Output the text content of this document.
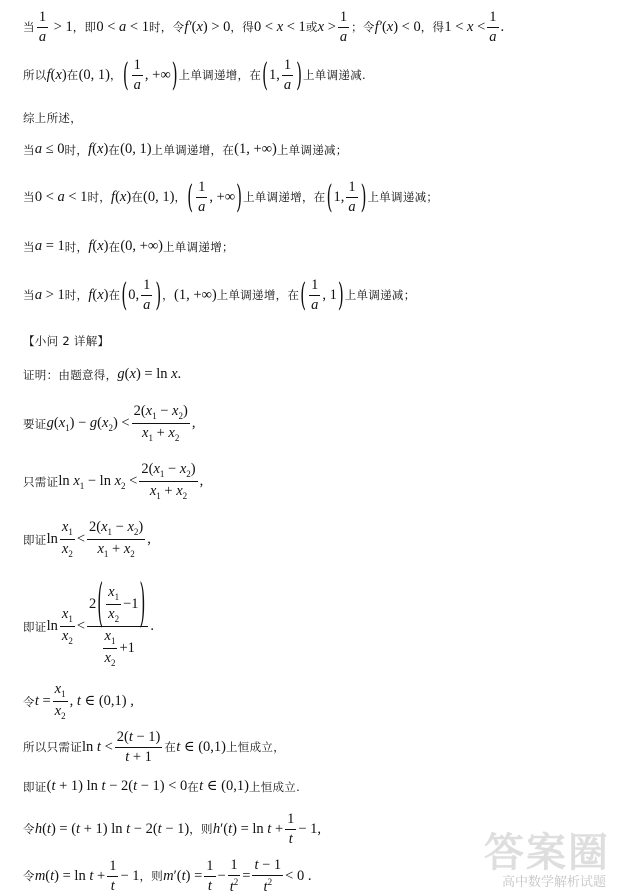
当 $\frac{1}{a} > 1$ ，即 0 < a < 1 时，令 f′ (x) > 0 ，得 0 < x < 1 或 $x > \frac{1}{a}$ ；令 f′ (x) < 0 ，得 $1 < x < \frac{1}{a}$ .
所以 f(x) 在 (0, 1) ， ( $\frac{1}{a}$ , +∞ ) 上单调递增，在 ( 1, $\frac{1}{a}$ ) 上单调递减.
综上所述，
当 a ≤ 0 时， f(x) 在 (0, 1) 上单调递增，在 (1, +∞) 上单调递减；
当 0 < a < 1 时， f(x) 在 (0, 1) ， ( $\frac{1}{a}$ , +∞ ) 上单调递增，在 ( 1, $\frac{1}{a}$ ) 上单调递减；
当 a = 1 时， f(x) 在 (0, +∞) 上单调递增；
当 a > 1 时， f(x) 在 ( 0, $\frac{1}{a}$ ) ， (1, +∞) 上单调递增，在 ( $\frac{1}{a}$ , 1 ) 上单调递减；
【小问 2 详解】
证明：由题意得， g(x) = ln x .
要证 $g(x_1) - g(x_2) < \frac{2(x_1 - x_2)}{x_1 + x_2}$ ,
只需证 $\ln x_1 - \ln x_2 < \frac{2(x_1 - x_2)}{x_1 + x_2}$ ,
即证 $\ln \frac{x_1}{x_2} < \frac{2(x_1 - x_2)}{x_1 + x_2}$ ,
即证 $\ln \frac{x_1}{x_2} < \frac{2 ( \frac{x_1}{x_2} -1 )}{\frac{x_1}{x_2} +1}$ .
令 $t = \frac{x_1}{x_2}$ , t ∈ (0,1) ,
所以只需证 $\ln t < \frac{2(t - 1)}{t + 1}$ 在 t ∈ (0,1) 上恒成立，
即证 (t + 1) ln t − 2(t − 1) < 0 在 t ∈ (0,1) 上恒成立.
令 h(t) = (t + 1) ln t − 2(t − 1) ，则 $h'(t) = \ln t + \frac{1}{t} - 1$,
令 $m(t) = \ln t + \frac{1}{t} - 1$ ，则 $m'(t) = \frac{1}{t} - \frac{1}{t^2} = \frac{t - 1}{t^2} < 0$ .	答案圈
高中数学解析试题
